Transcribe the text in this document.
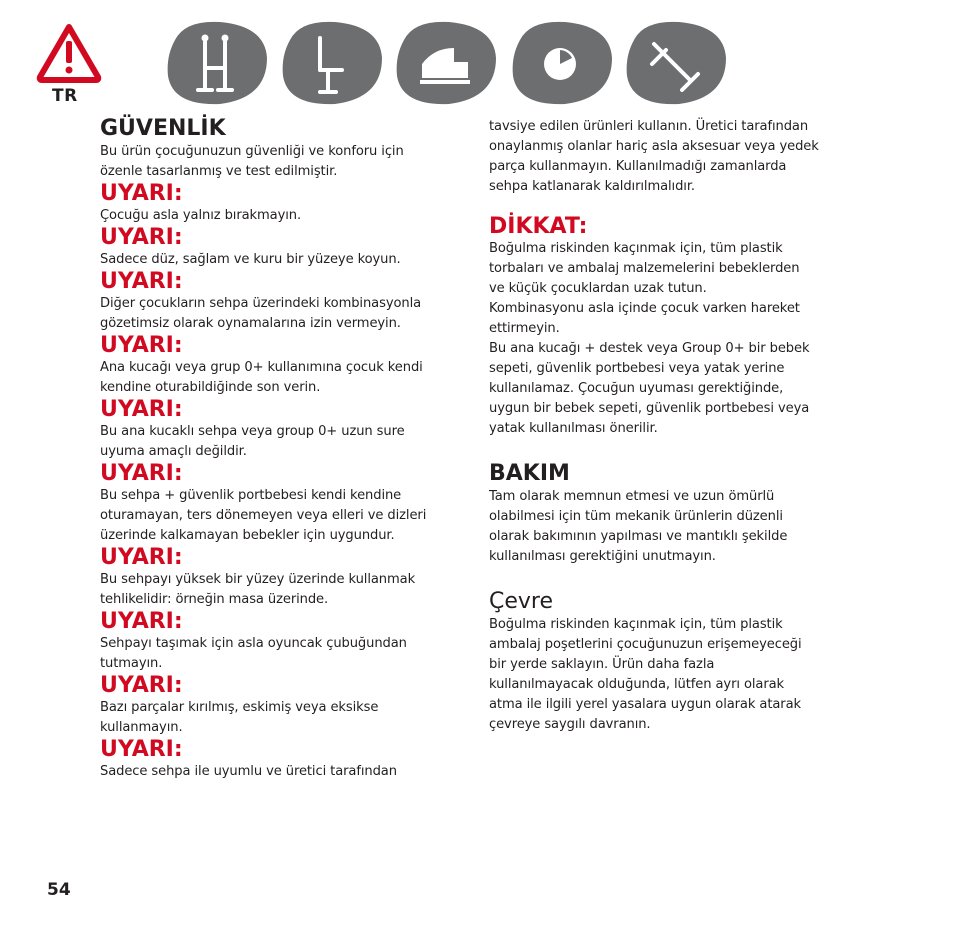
TR
GÜVENLİK

Bu ürün çocuğunuzun güvenliği ve konforu için
özenle tasarlanmış ve test edilmiştir.

UYARI:

Çocuğu asla yalnız bırakmayın.

UYARI:

Sadece düz, sağlam ve kuru bir yüzeye koyun.

UYARI:

Diğer çocukların sehpa üzerindeki kombinasyonla
gözetimsiz olarak oynamalarına izin vermeyin.

UYARI:

Ana kucağı veya grup 0+ kullanımına çocuk kendi
kendine oturabildiğinde son verin.

UYARI:

Bu ana kucaklı sehpa veya group 0+ uzun sure
uyuma amaçlı değildir.

UYARI:

Bu sehpa + güvenlik portbebesi kendi kendine
oturamayan, ters dönemeyen veya elleri ve dizleri
üzerinde kalkamayan bebekler için uygundur.

UYARI:

Bu sehpayı yüksek bir yüzey üzerinde kullanmak
tehlikelidir: örneğin masa üzerinde.

UYARI:

Sehpayı taşımak için asla oyuncak çubuğundan
tutmayın.

UYARI:

Bazı parçalar kırılmış, eskimiş veya eksikse
kullanmayın.

UYARI:

Sadece sehpa ile uyumlu ve üretici tarafından

tavsiye edilen ürünleri kullanın. Üretici tarafından
onaylanmış olanlar hariç asla aksesuar veya yedek
parça kullanmayın. Kullanılmadığı zamanlarda
sehpa katlanarak kaldırılmalıdır.

DİKKAT:

Boğulma riskinden kaçınmak için, tüm plastik
torbaları ve ambalaj malzemelerini bebeklerden
ve küçük çocuklardan uzak tutun.
Kombinasyonu asla içinde çocuk varken hareket
ettirmeyin.
Bu ana kucağı + destek veya Group 0+ bir bebek
sepeti, güvenlik portbebesi veya yatak yerine
kullanılamaz. Çocuğun uyuması gerektiğinde,
uygun bir bebek sepeti, güvenlik portbebesi veya
yatak kullanılması önerilir.

BAKIM

Tam olarak memnun etmesi ve uzun ömürlü
olabilmesi için tüm mekanik ürünlerin düzenli
olarak bakımının yapılması ve mantıklı şekilde
kullanılması gerektiğini unutmayın.

Çevre

Boğulma riskinden kaçınmak için, tüm plastik
ambalaj poşetlerini çocuğunuzun erişemeyeceği
bir yerde saklayın. Ürün daha fazla
kullanılmayacak olduğunda, lütfen ayrı olarak
atma ile ilgili yerel yasalara uygun olarak atarak
çevreye saygılı davranın.

54
